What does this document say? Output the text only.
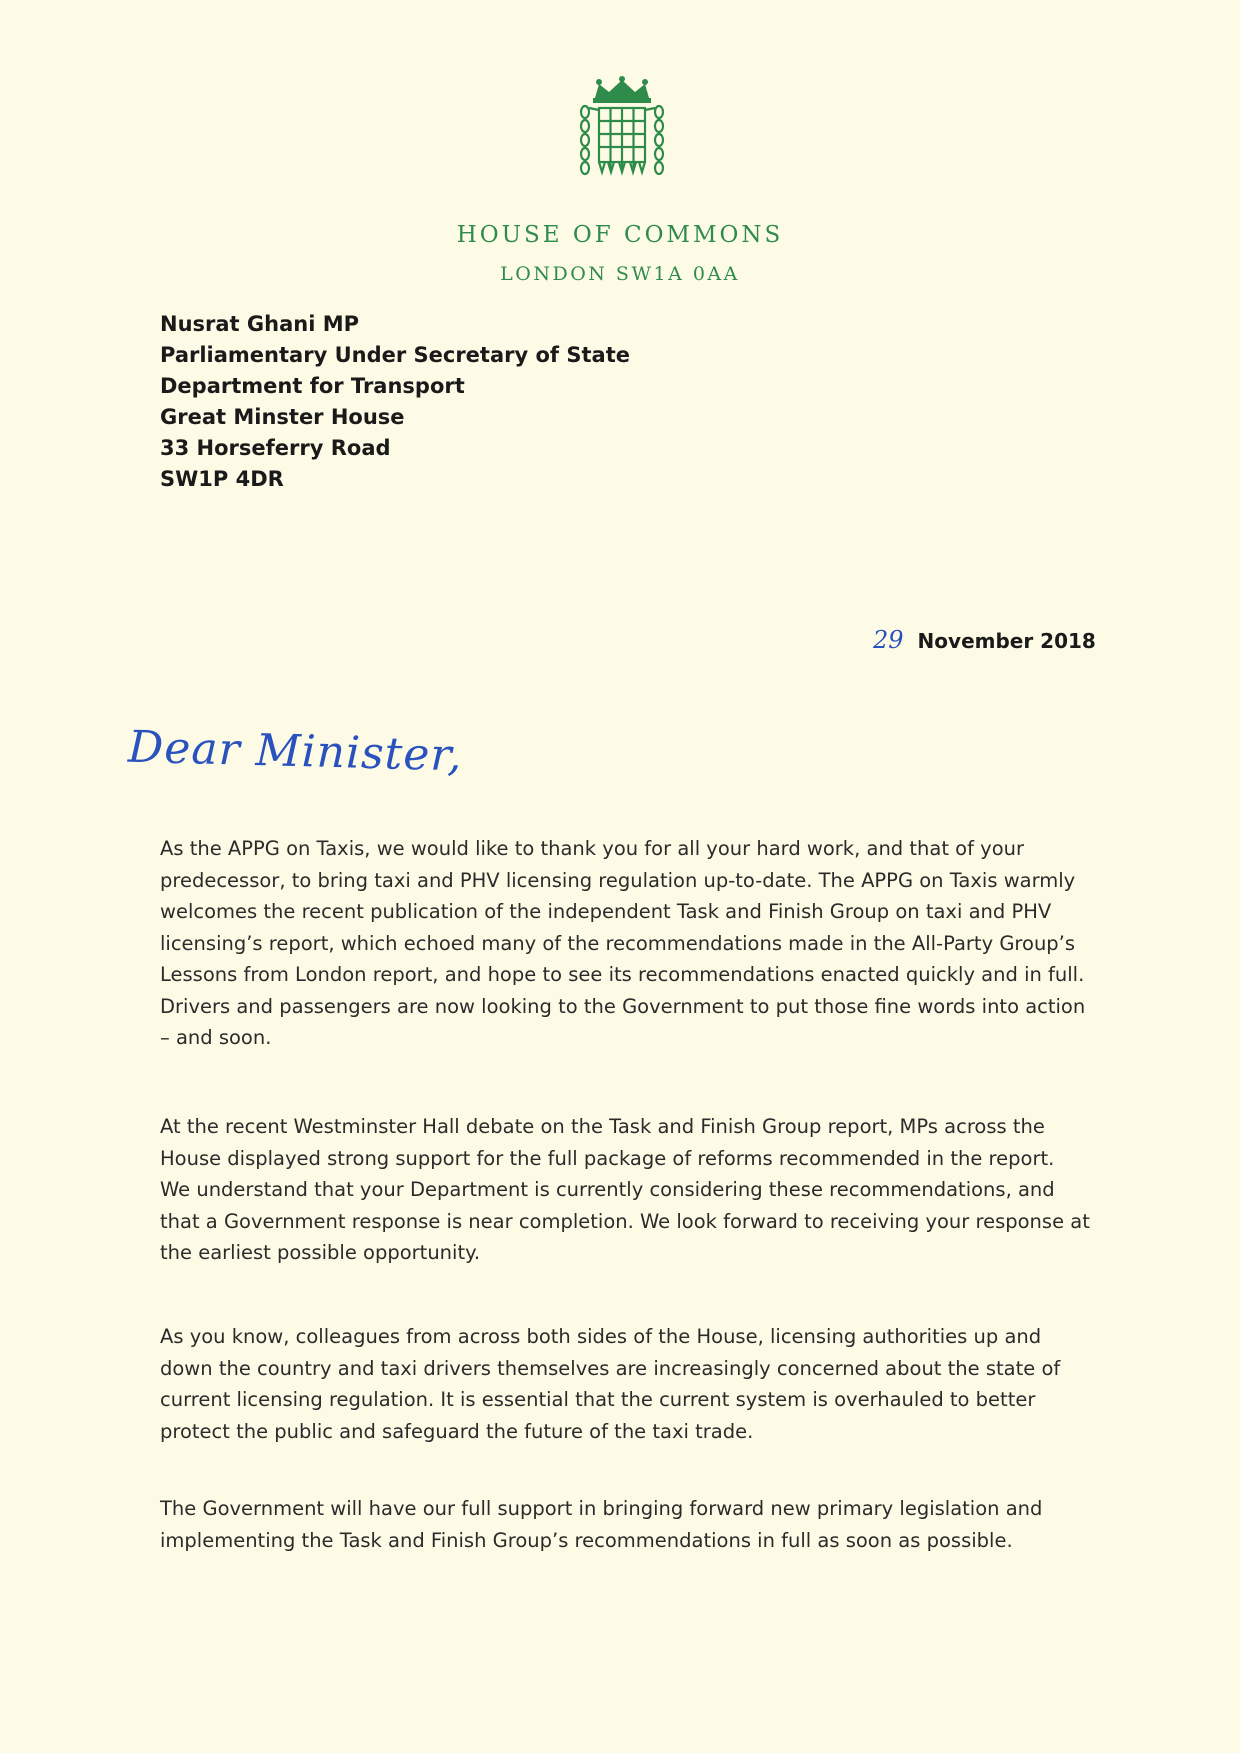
HOUSE OF COMMONS
LONDON SW1A 0AA
Nusrat Ghani MP
Parliamentary Under Secretary of State
Department for Transport
Great Minster House
33 Horseferry Road
SW1P 4DR
29 November 2018
Dear Minister,

As the APPG on Taxis, we would like to thank you for all your hard work, and that of your predecessor, to bring taxi and PHV licensing regulation up-to-date. The APPG on Taxis warmly welcomes the recent publication of the independent Task and Finish Group on taxi and PHV licensing’s report, which echoed many of the recommendations made in the All-Party Group’s Lessons from London report, and hope to see its recommendations enacted quickly and in full. Drivers and passengers are now looking to the Government to put those fine words into action – and soon.

At the recent Westminster Hall debate on the Task and Finish Group report, MPs across the House displayed strong support for the full package of reforms recommended in the report. We understand that your Department is currently considering these recommendations, and that a Government response is near completion. We look forward to receiving your response at the earliest possible opportunity.

As you know, colleagues from across both sides of the House, licensing authorities up and down the country and taxi drivers themselves are increasingly concerned about the state of current licensing regulation. It is essential that the current system is overhauled to better protect the public and safeguard the future of the taxi trade.

The Government will have our full support in bringing forward new primary legislation and implementing the Task and Finish Group’s recommendations in full as soon as possible.
